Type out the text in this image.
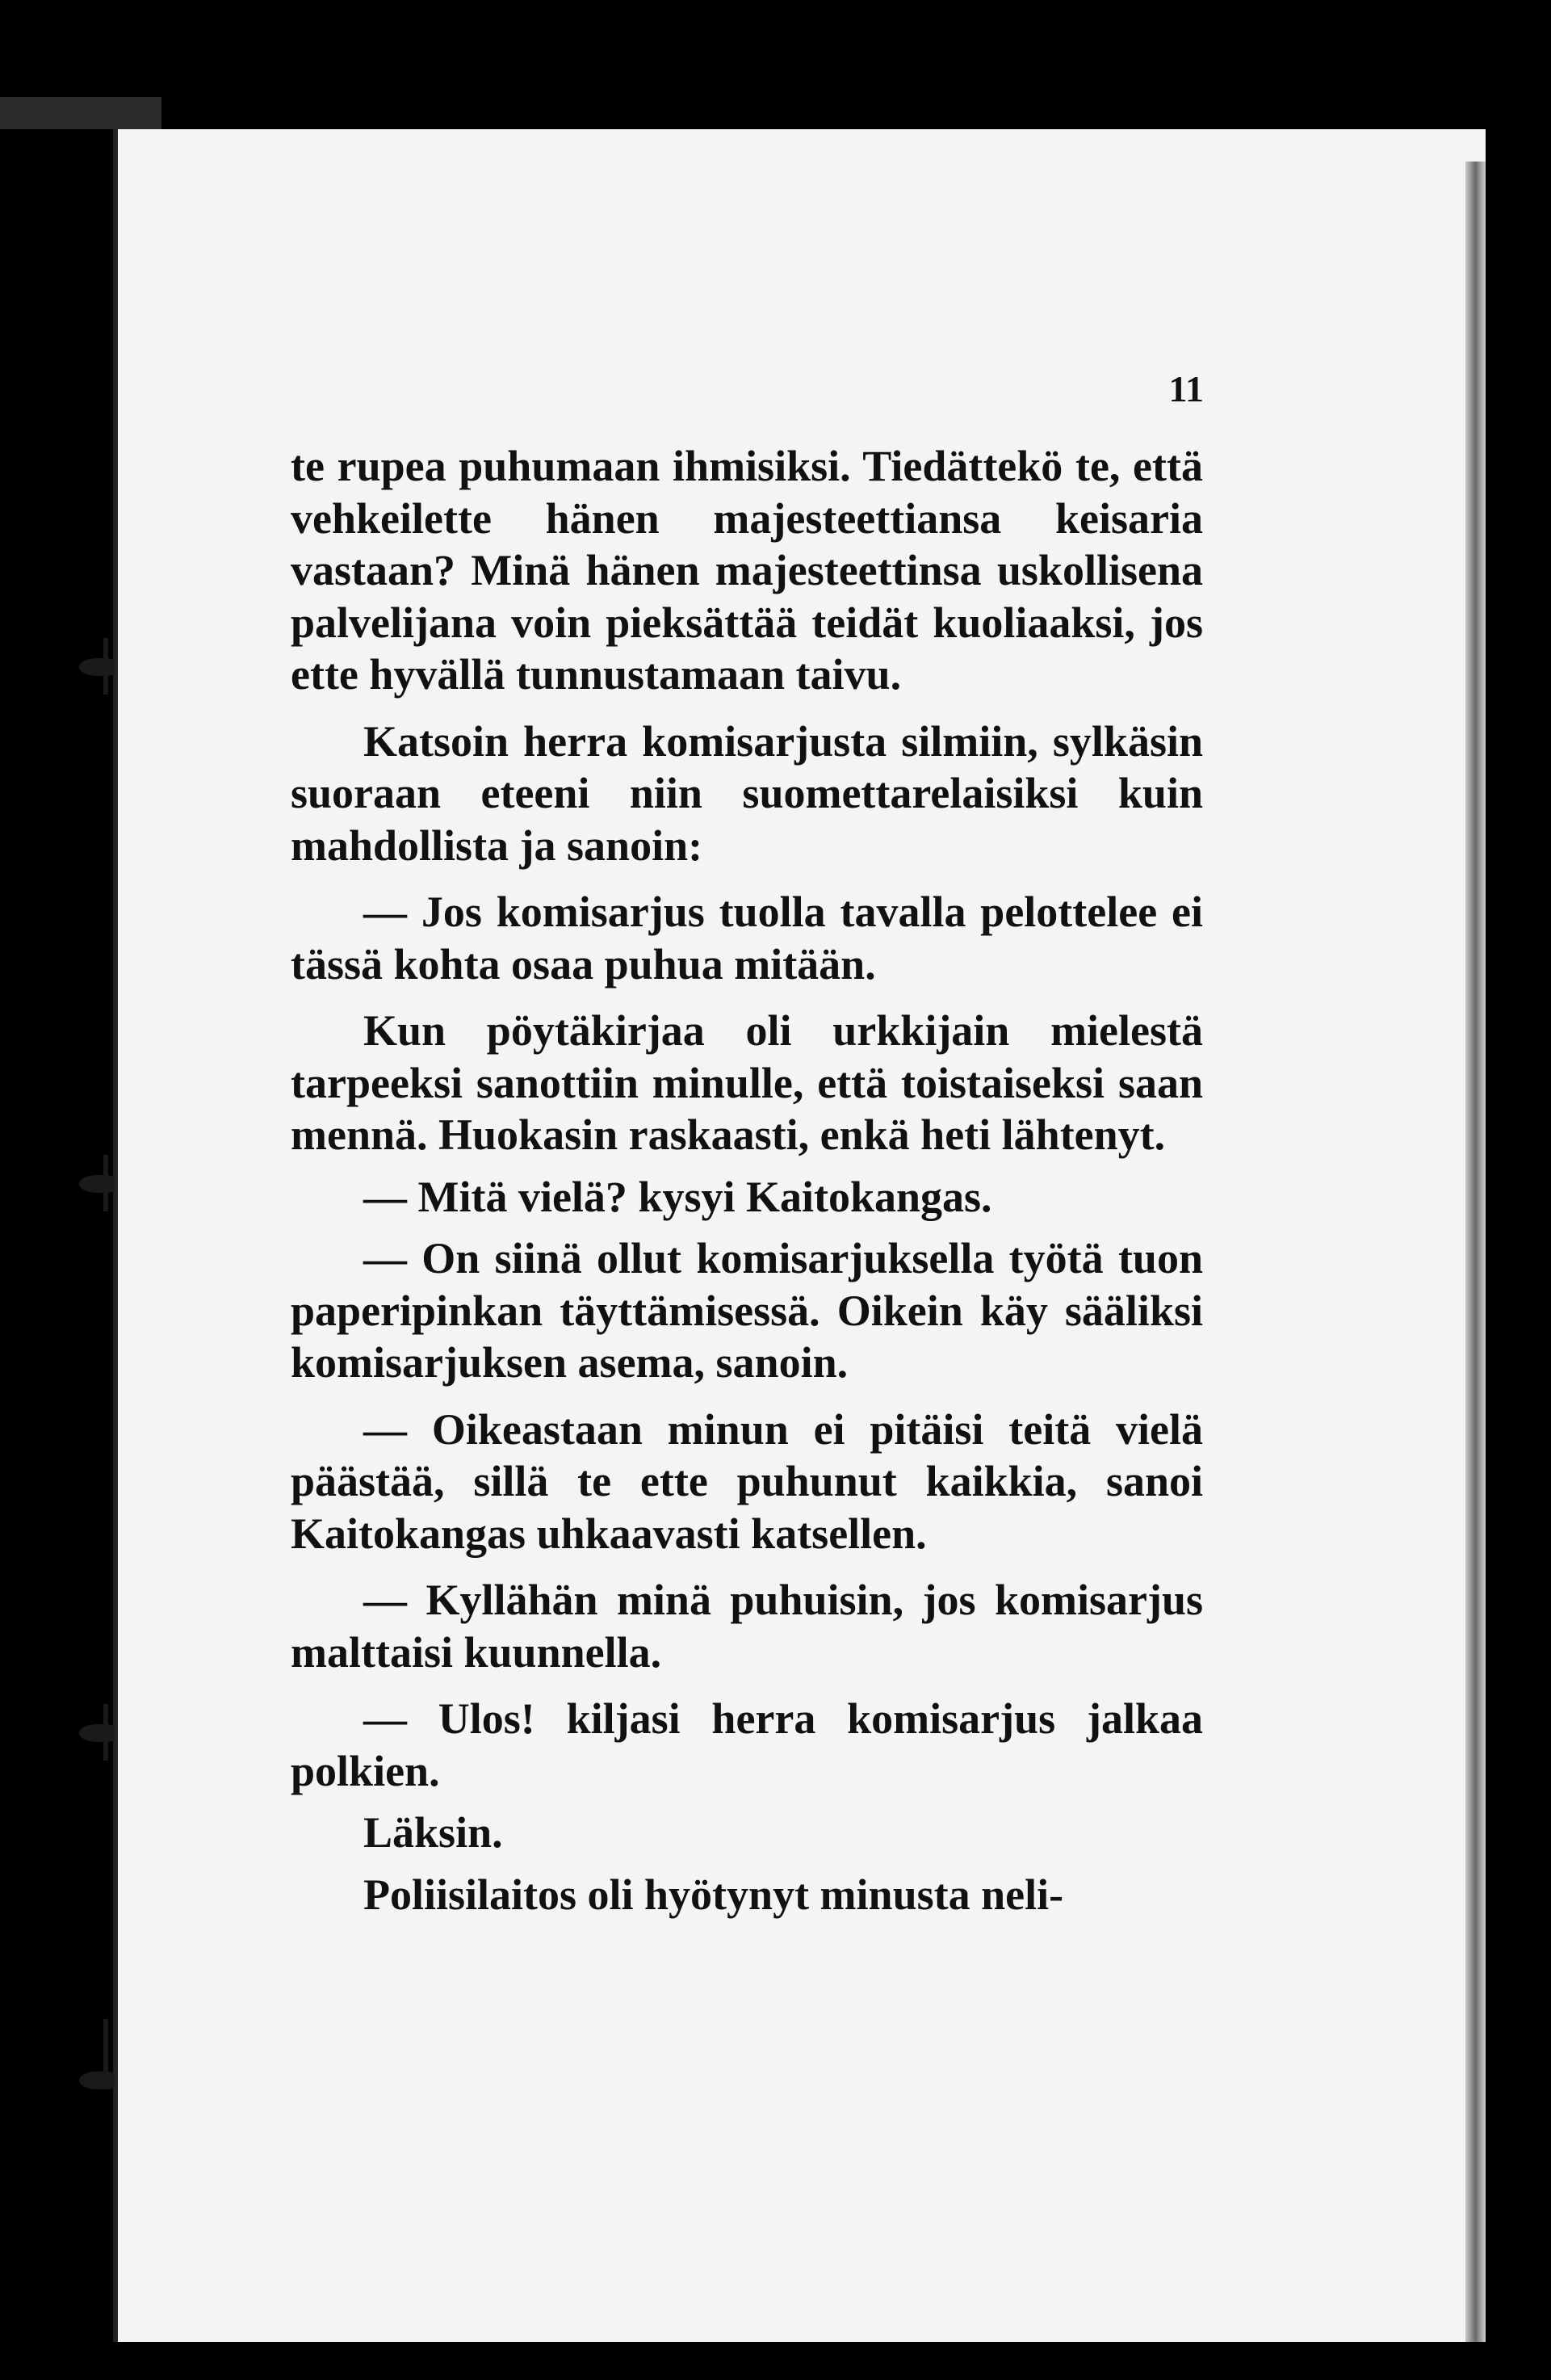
11

te rupea puhumaan ihmisiksi. Tiedättekö te, että vehkeilette hänen majesteettiansa keisaria vastaan? Minä hänen majesteettinsa uskollisena palvelijana voin pieksättää teidät kuoliaaksi, jos ette hyvällä tunnustamaan taivu.

Katsoin herra komisarjusta silmiin, sylkäsin suoraan eteeni niin suomettarelaisiksi kuin mahdollista ja sanoin:

— Jos komisarjus tuolla tavalla pelottelee ei tässä kohta osaa puhua mitään.

Kun pöytäkirjaa oli urkkijain mielestä tarpeeksi sanottiin minulle, että toistaiseksi saan mennä. Huokasin raskaasti, enkä heti lähtenyt.

— Mitä vielä? kysyi Kaitokangas.

— On siinä ollut komisarjuksella työtä tuon paperipinkan täyttämisessä. Oikein käy sääliksi komisarjuksen asema, sanoin.

— Oikeastaan minun ei pitäisi teitä vielä päästää, sillä te ette puhunut kaikkia, sanoi Kaitokangas uhkaavasti katsellen.

— Kyllähän minä puhuisin, jos komisarjus malttaisi kuunnella.

— Ulos! kiljasi herra komisarjus jalkaa polkien.

Läksin.

Poliisilaitos oli hyötynyt minusta neli-
